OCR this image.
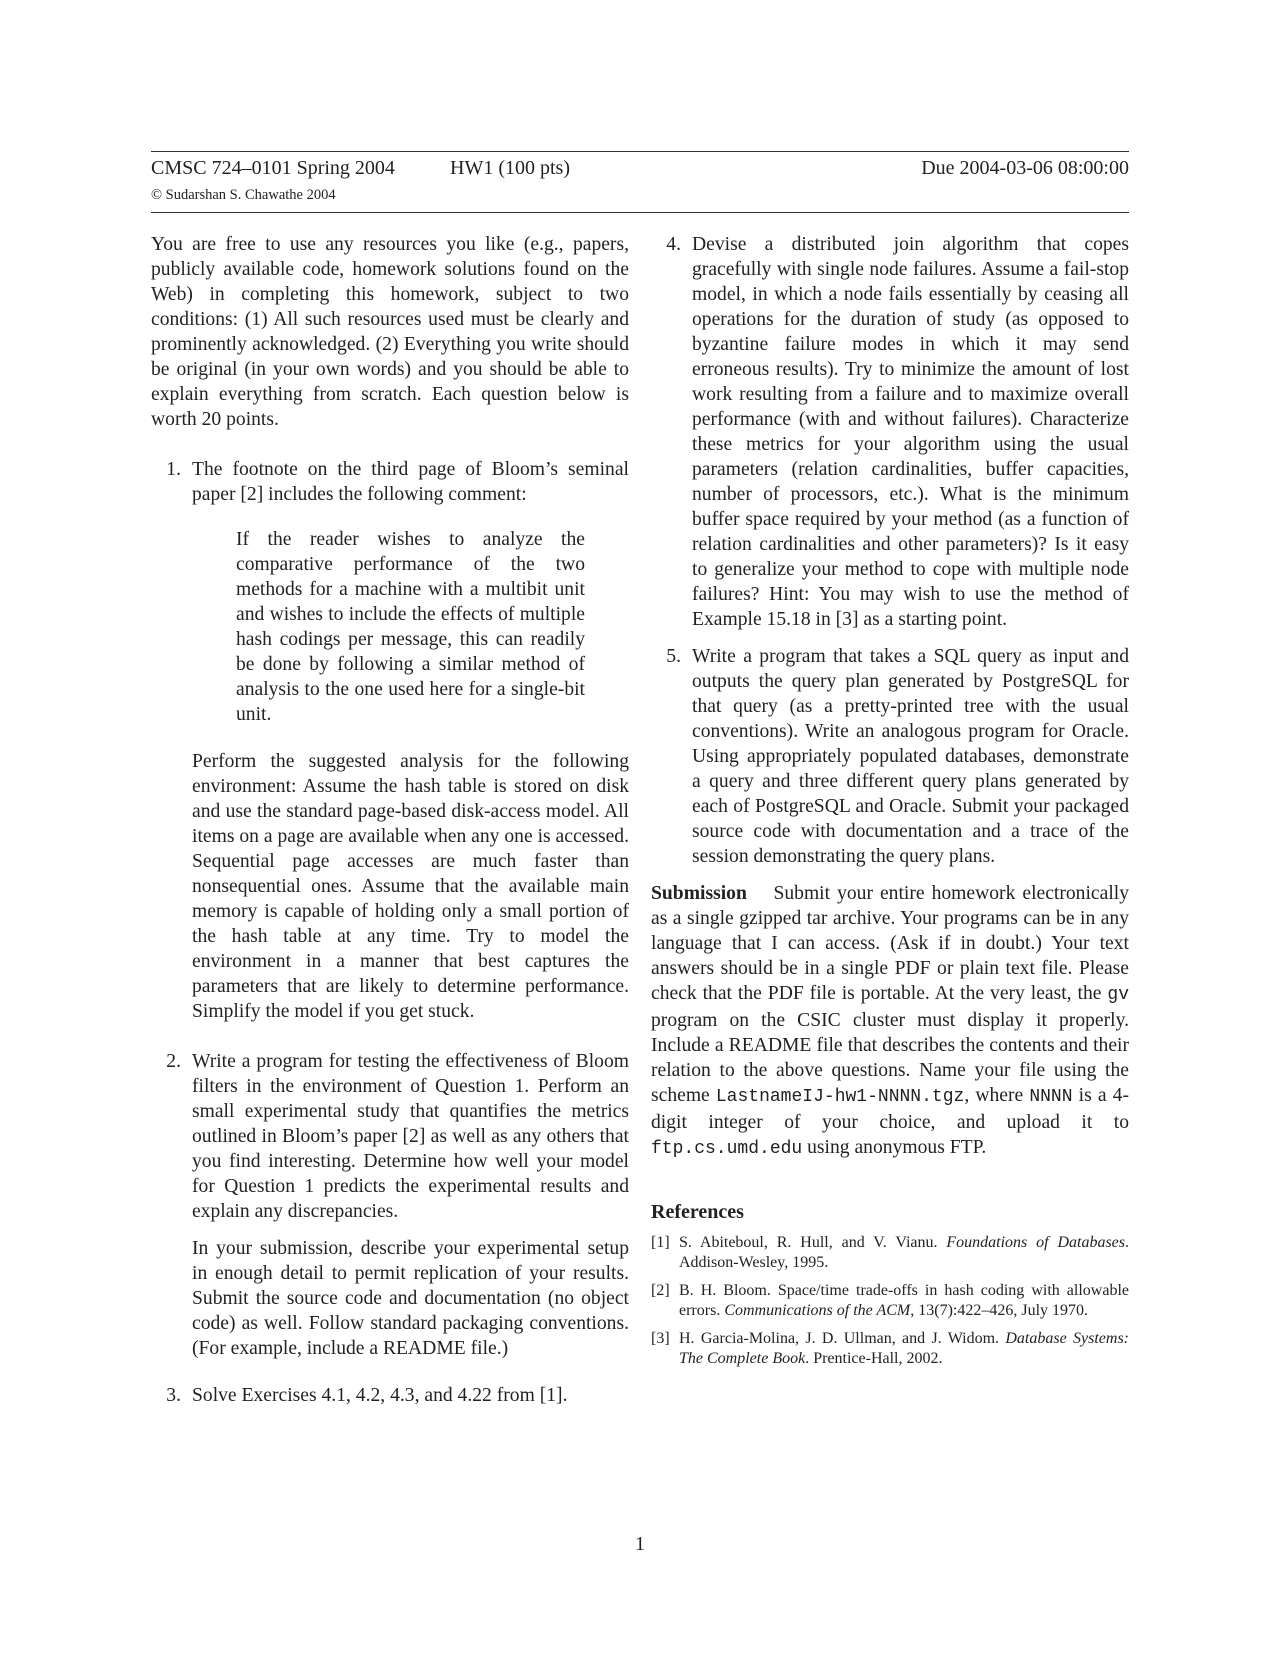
CMSC 724–0101 Spring 2004	HW1 (100 pts)	Due 2004-03-06 08:00:00
© Sudarshan S. Chawathe 2004

You are free to use any resources you like (e.g., papers, publicly available code, homework solutions found on the Web) in completing this homework, subject to two conditions: (1) All such resources used must be clearly and prominently acknowledged. (2) Everything you write should be original (in your own words) and you should be able to explain everything from scratch. Each question below is worth 20 points.

1. The footnote on the third page of Bloom’s seminal paper [2] includes the following comment:

If the reader wishes to analyze the comparative performance of the two methods for a machine with a multibit unit and wishes to include the effects of multiple hash codings per message, this can readily be done by following a similar method of analysis to the one used here for a single-bit unit.

Perform the suggested analysis for the following environment: Assume the hash table is stored on disk and use the standard page-based disk-access model. All items on a page are available when any one is accessed. Sequential page accesses are much faster than nonsequential ones. Assume that the available main memory is capable of holding only a small portion of the hash table at any time. Try to model the environment in a manner that best captures the parameters that are likely to determine performance. Simplify the model if you get stuck.

2. Write a program for testing the effectiveness of Bloom filters in the environment of Question 1. Perform an small experimental study that quantifies the metrics outlined in Bloom’s paper [2] as well as any others that you find interesting. Determine how well your model for Question 1 predicts the experimental results and explain any discrepancies.

In your submission, describe your experimental setup in enough detail to permit replication of your results. Submit the source code and documentation (no object code) as well. Follow standard packaging conventions. (For example, include a README file.)

3. Solve Exercises 4.1, 4.2, 4.3, and 4.22 from [1].

4. Devise a distributed join algorithm that copes gracefully with single node failures. Assume a fail-stop model, in which a node fails essentially by ceasing all operations for the duration of study (as opposed to byzantine failure modes in which it may send erroneous results). Try to minimize the amount of lost work resulting from a failure and to maximize overall performance (with and without failures). Characterize these metrics for your algorithm using the usual parameters (relation cardinalities, buffer capacities, number of processors, etc.). What is the minimum buffer space required by your method (as a function of relation cardinalities and other parameters)? Is it easy to generalize your method to cope with multiple node failures? Hint: You may wish to use the method of Example 15.18 in [3] as a starting point.

5. Write a program that takes a SQL query as input and outputs the query plan generated by PostgreSQL for that query (as a pretty-printed tree with the usual conventions). Write an analogous program for Oracle. Using appropriately populated databases, demonstrate a query and three different query plans generated by each of PostgreSQL and Oracle. Submit your packaged source code with documentation and a trace of the session demonstrating the query plans.

Submission  Submit your entire homework electronically as a single gzipped tar archive. Your programs can be in any language that I can access. (Ask if in doubt.) Your text answers should be in a single PDF or plain text file. Please check that the PDF file is portable. At the very least, the gv program on the CSIC cluster must display it properly. Include a README file that describes the contents and their relation to the above questions. Name your file using the scheme LastnameIJ-hw1-NNNN.tgz, where NNNN is a 4-digit integer of your choice, and upload it to ftp.cs.umd.edu using anonymous FTP.

References
[1] S. Abiteboul, R. Hull, and V. Vianu. Foundations of Databases. Addison-Wesley, 1995.
[2] B. H. Bloom. Space/time trade-offs in hash coding with allowable errors. Communications of the ACM, 13(7):422–426, July 1970.
[3] H. Garcia-Molina, J. D. Ullman, and J. Widom. Database Systems: The Complete Book. Prentice-Hall, 2002.
1
